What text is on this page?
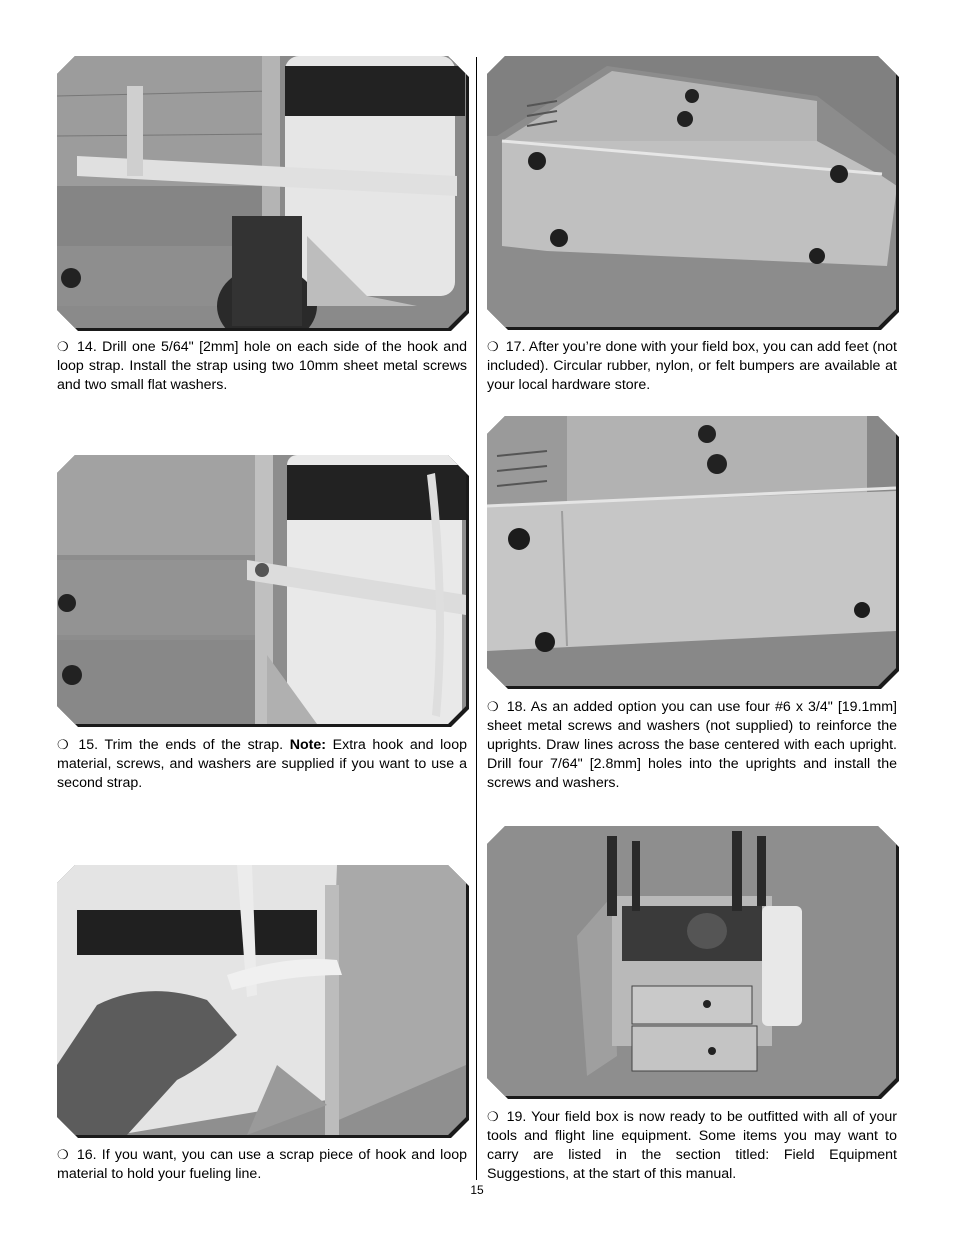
❍ 14. Drill one 5/64" [2mm] hole on each side of the hook and loop strap. Install the strap using two 10mm sheet metal screws and two small flat washers.

❍ 15. Trim the ends of the strap. Note: Extra hook and loop material, screws, and washers are supplied if you want to use a second strap.

❍ 16. If you want, you can use a scrap piece of hook and loop material to hold your fueling line.

❍ 17. After you’re done with your field box, you can add feet (not included). Circular rubber, nylon, or felt bumpers are available at your local hardware store.

❍ 18. As an added option you can use four #6 x 3/4" [19.1mm] sheet metal screws and washers (not supplied) to reinforce the uprights. Draw lines across the base centered with each upright. Drill four 7/64" [2.8mm] holes into the uprights and install the screws and washers.

❍ 19. Your field box is now ready to be outfitted with all of your tools and flight line equipment. Some items you may want to carry are listed in the section titled: Field Equipment Suggestions, at the start of this manual.

15
